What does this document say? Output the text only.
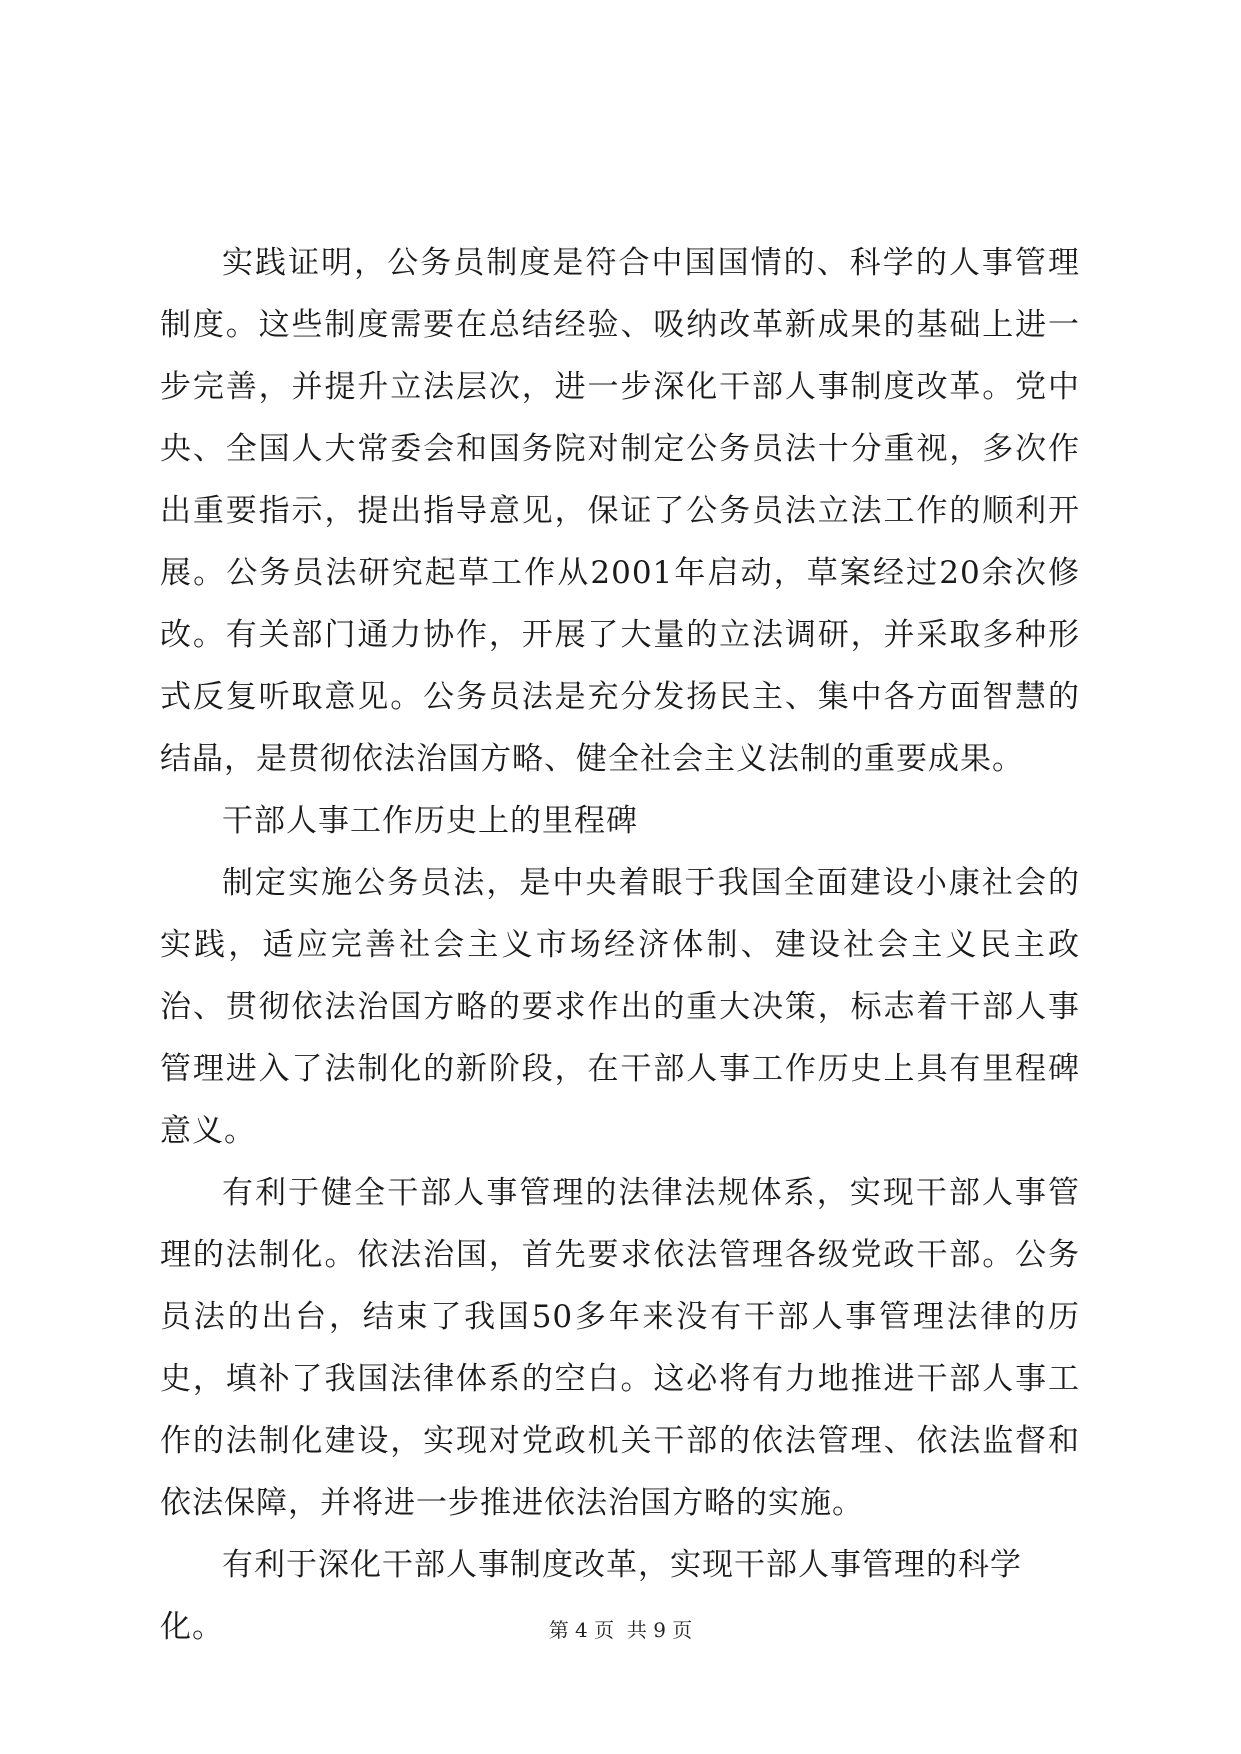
实践证明，公务员制度是符合中国国情的、科学的人事管理制度。这些制度需要在总结经验、吸纳改革新成果的基础上进一步完善，并提升立法层次，进一步深化干部人事制度改革。党中央、全国人大常委会和国务院对制定公务员法十分重视，多次作出重要指示，提出指导意见，保证了公务员法立法工作的顺利开展。公务员法研究起草工作从2001年启动，草案经过20余次修改。有关部门通力协作，开展了大量的立法调研，并采取多种形式反复听取意见。公务员法是充分发扬民主、集中各方面智慧的结晶，是贯彻依法治国方略、健全社会主义法制的重要成果。

干部人事工作历史上的里程碑

制定实施公务员法，是中央着眼于我国全面建设小康社会的实践，适应完善社会主义市场经济体制、建设社会主义民主政治、贯彻依法治国方略的要求作出的重大决策，标志着干部人事管理进入了法制化的新阶段，在干部人事工作历史上具有里程碑意义。

有利于健全干部人事管理的法律法规体系，实现干部人事管理的法制化。依法治国，首先要求依法管理各级党政干部。公务员法的出台，结束了我国50多年来没有干部人事管理法律的历史，填补了我国法律体系的空白。这必将有力地推进干部人事工作的法制化建设，实现对党政机关干部的依法管理、依法监督和依法保障，并将进一步推进依法治国方略的实施。

有利于深化干部人事制度改革，实现干部人事管理的科学化。	第 4 页  共 9 页
